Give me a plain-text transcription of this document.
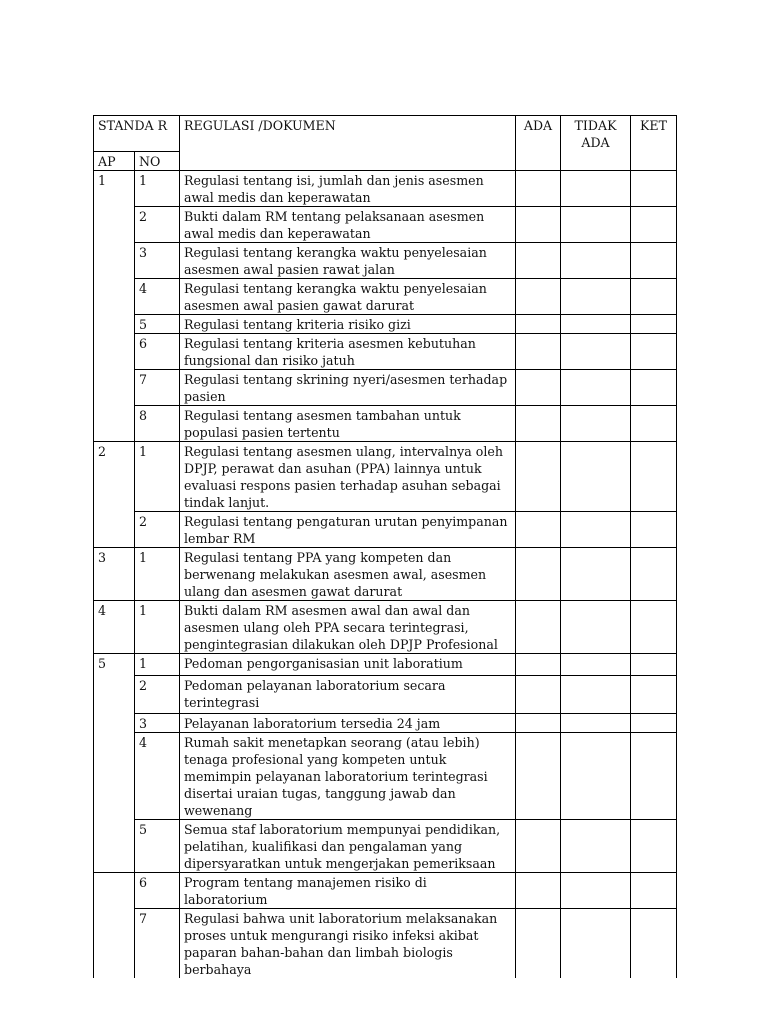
STANDA R		REGULASI /DOKUMEN	ADA	TIDAK ADA	KET
AP	NO				
1	1	Regulasi tentang isi, jumlah dan jenis asesmen awal medis dan keperawatan			
	2	Bukti dalam RM tentang pelaksanaan asesmen awal medis dan keperawatan			
	3	Regulasi tentang kerangka waktu penyelesaian asesmen awal pasien rawat jalan			
	4	Regulasi tentang kerangka waktu penyelesaian asesmen awal pasien gawat darurat			
	5	Regulasi tentang kriteria risiko gizi			
	6	Regulasi tentang kriteria asesmen kebutuhan fungsional dan risiko jatuh			
	7	Regulasi tentang skrining nyeri/asesmen terhadap pasien			
	8	Regulasi tentang asesmen tambahan untuk populasi pasien tertentu			
2	1	Regulasi tentang asesmen ulang, intervalnya oleh DPJP, perawat dan asuhan (PPA) lainnya untuk evaluasi respons pasien terhadap asuhan sebagai tindak lanjut.			
	2	Regulasi tentang pengaturan urutan penyimpanan lembar RM			
3	1	Regulasi tentang PPA yang kompeten dan berwenang melakukan asesmen awal, asesmen ulang dan asesmen gawat darurat			
4	1	Bukti dalam RM asesmen awal dan awal dan asesmen ulang oleh PPA secara terintegrasi, pengintegrasian dilakukan oleh DPJP Profesional			
5	1	Pedoman pengorganisasian unit laboratium			
	2	Pedoman pelayanan laboratorium secara terintegrasi			
	3	Pelayanan laboratorium tersedia 24 jam			
	4	Rumah sakit menetapkan seorang (atau lebih) tenaga profesional yang kompeten untuk memimpin pelayanan laboratorium terintegrasi disertai uraian tugas, tanggung jawab dan wewenang			
	5	Semua staf laboratorium mempunyai pendidikan, pelatihan, kualifikasi dan pengalaman yang dipersyaratkan untuk mengerjakan pemeriksaan			
	6	Program tentang manajemen risiko di laboratorium			
	7	Regulasi bahwa unit laboratorium melaksanakan proses untuk mengurangi risiko infeksi akibat paparan bahan-bahan dan limbah biologis berbahaya			
